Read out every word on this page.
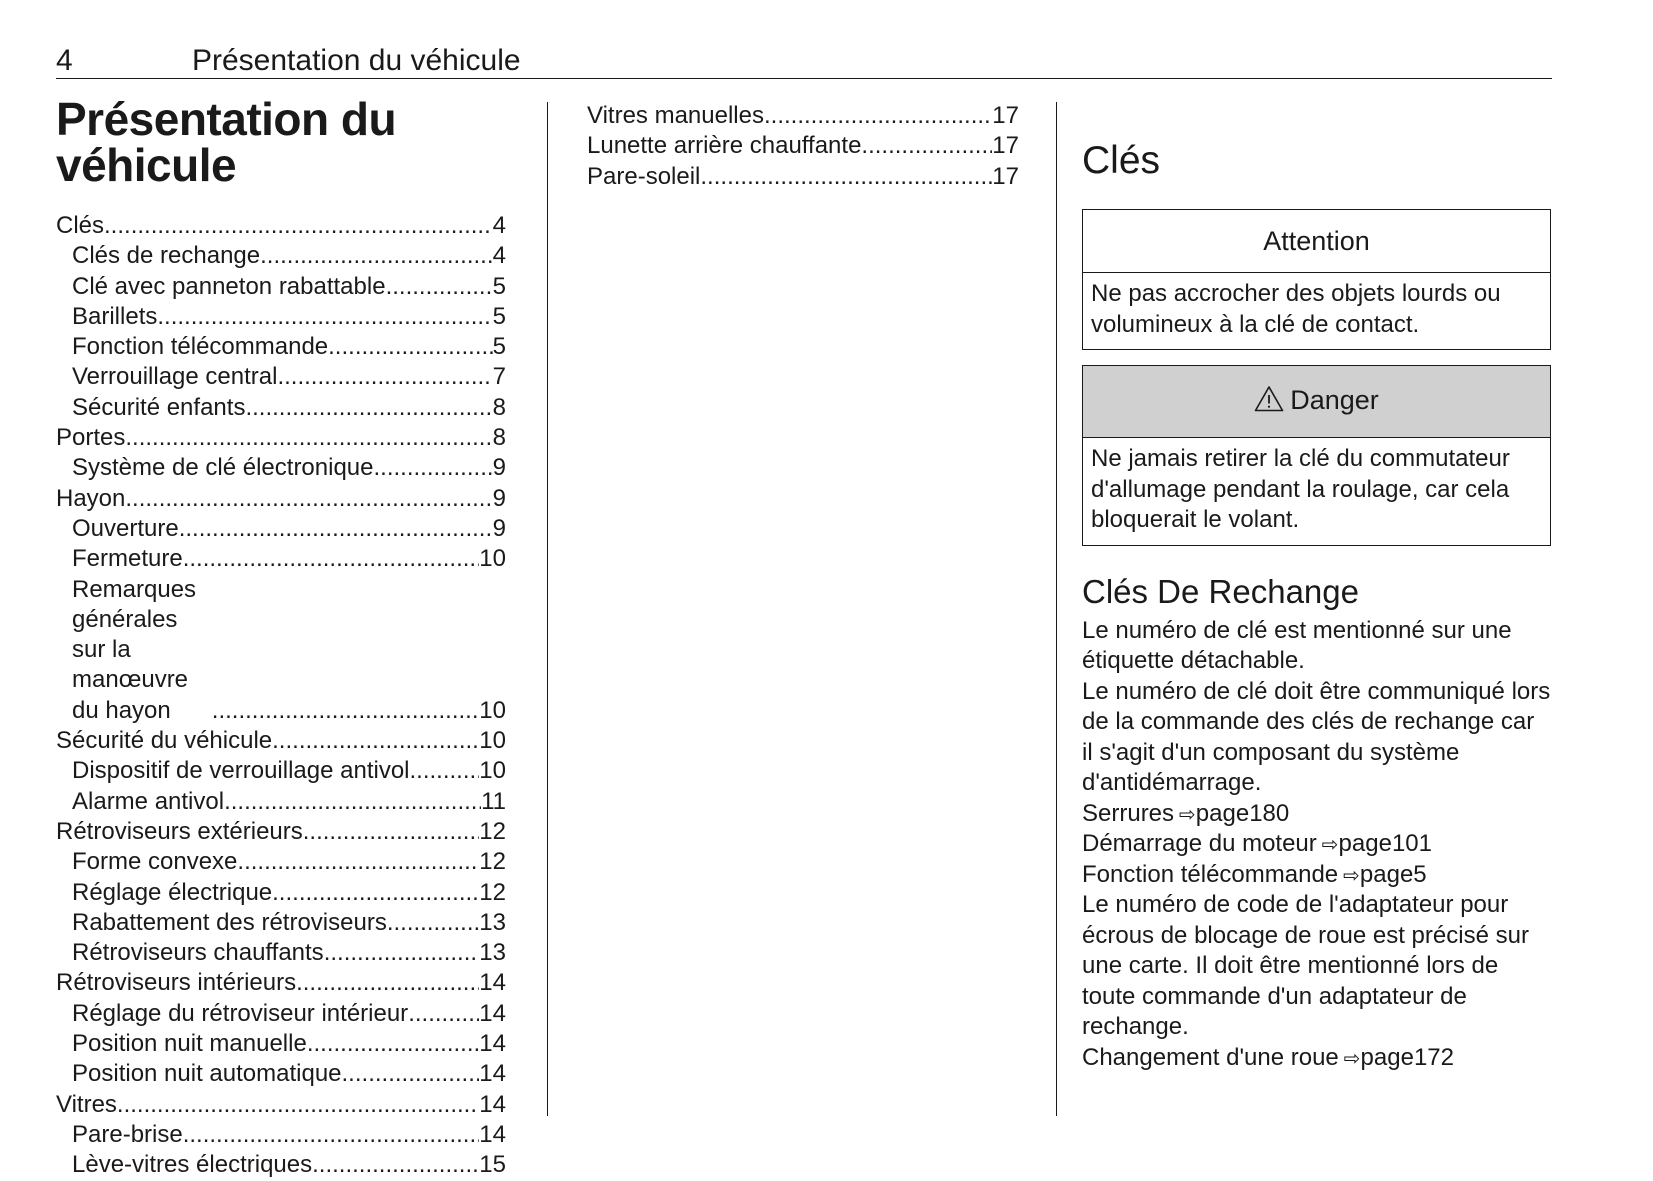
4	Présentation du véhicule
Présentation du véhicule
Clés .....	4
Clés de rechange .....	4
Clé avec panneton rabattable .....	5
Barillets .....	5
Fonction télécommande .....	5
Verrouillage central .....	7
Sécurité enfants .....	8
Portes .....	8
Système de clé électronique .....	9
Hayon .....	9
Ouverture .....	9
Fermeture .....	10
Remarques générales sur la manœuvre du hayon .....	10
Sécurité du véhicule .....	10
Dispositif de verrouillage antivol .....	10
Alarme antivol .....	11
Rétroviseurs extérieurs .....	12
Forme convexe .....	12
Réglage électrique .....	12
Rabattement des rétroviseurs .....	13
Rétroviseurs chauffants .....	13
Rétroviseurs intérieurs .....	14
Réglage du rétroviseur intérieur .....	14
Position nuit manuelle .....	14
Position nuit automatique .....	14
Vitres .....	14
Pare-brise .....	14
Lève-vitres électriques .....	15
Vitres manuelles .....	17
Lunette arrière chauffante .....	17
Pare-soleil .....	17 Clés
Attention
Ne pas accrocher des objets lourds ou volumineux à la clé de contact.
Danger
Ne jamais retirer la clé du commutateur d'allumage pendant la roulage, car cela bloquerait le volant.
Clés De Rechange

Le numéro de clé est mentionné sur une étiquette détachable.

Le numéro de clé doit être communiqué lors de la commande des clés de rechange car il s'agit d'un composant du système d'antidémarrage.

Serrures ⇨page180
Démarrage du moteur ⇨page101
Fonction télécommande ⇨page5

Le numéro de code de l'adaptateur pour écrous de blocage de roue est précisé sur une carte. Il doit être mentionné lors de toute commande d'un adaptateur de rechange.

Changement d'une roue ⇨page172
